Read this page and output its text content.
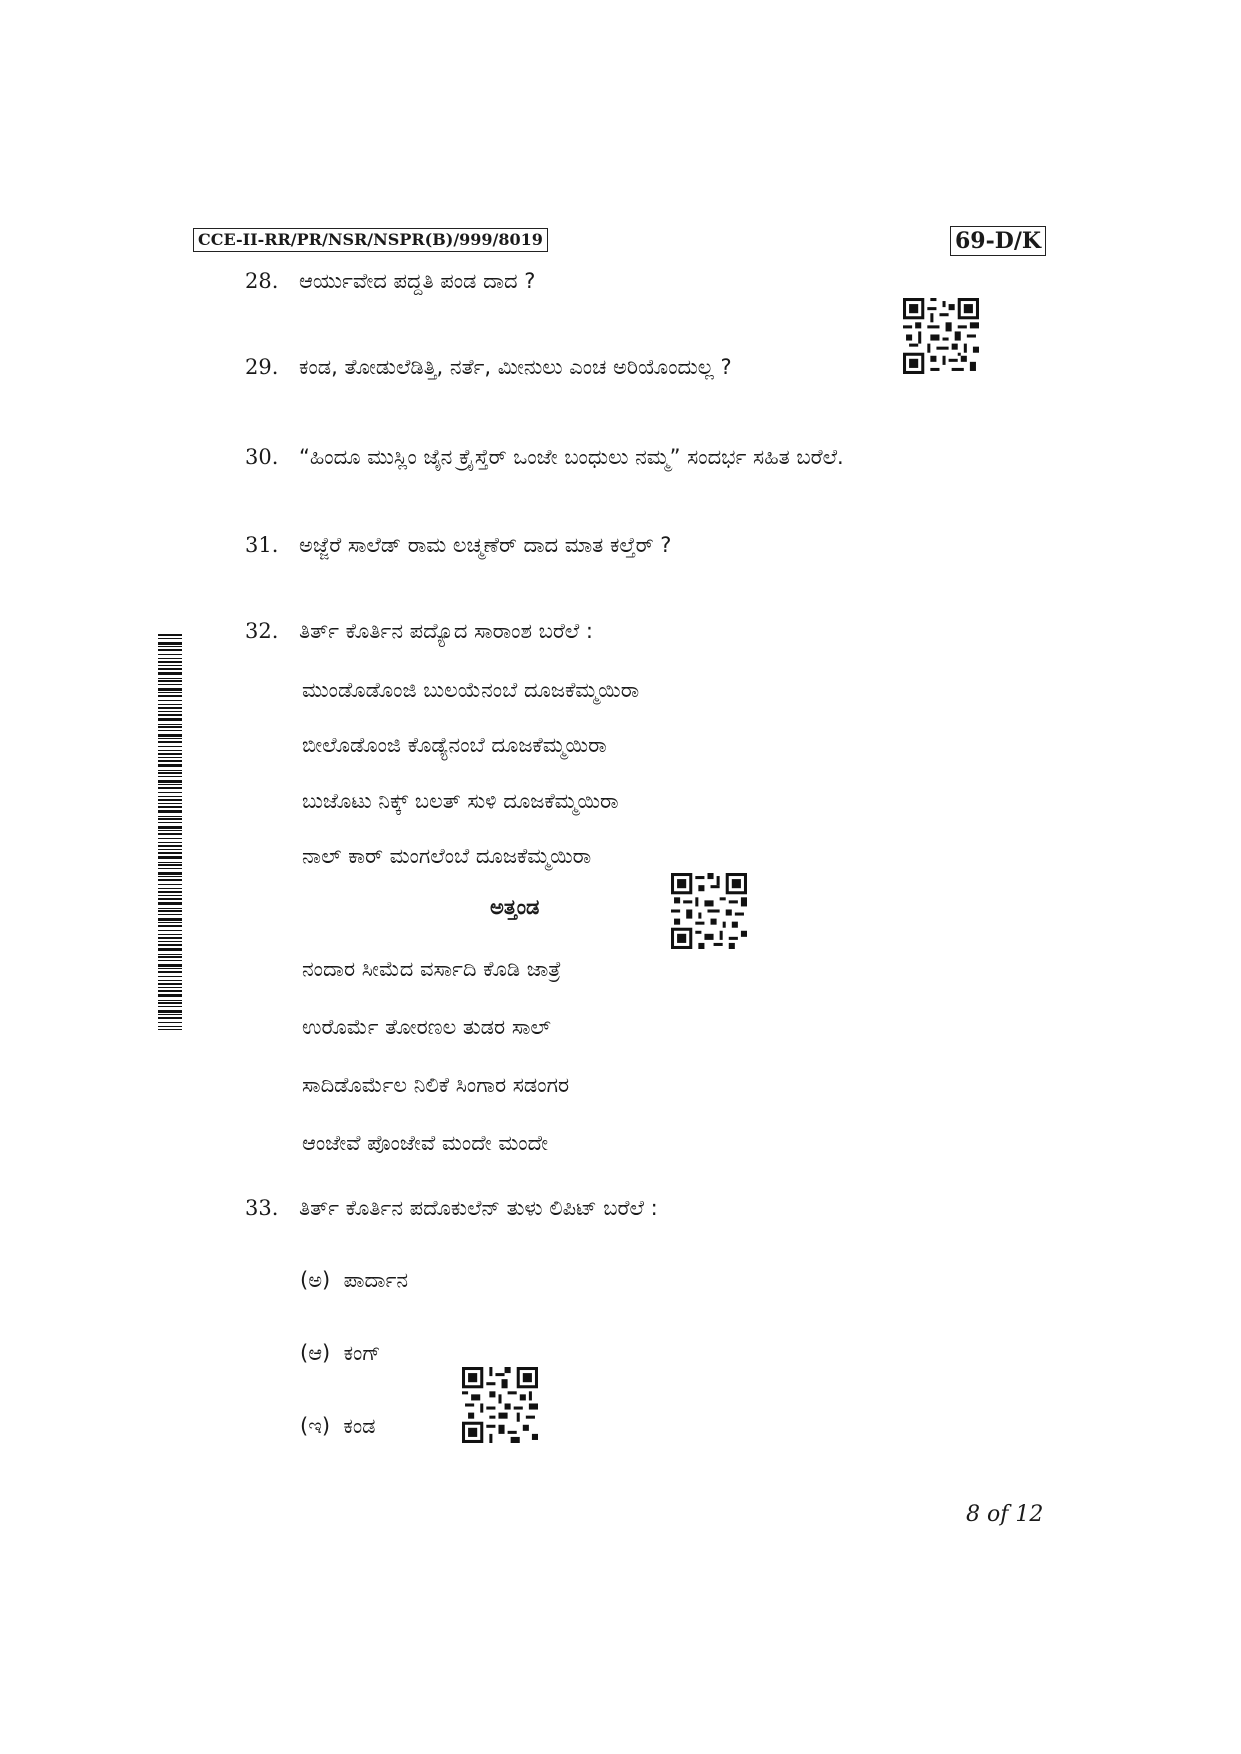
CCE-II-RR/PR/NSR/NSPR(B)/999/8019	69-D/K
28. ಆರ್ಯುವೇದ ಪದ್ದತಿ ಪಂಡ ದಾದ ?
29. ಕಂಡ, ತೋಡುಲೆಡಿತ್ತಿ, ನರ್ತೆ, ಮೀನುಲು ಎಂಚ ಅರಿಯೊಂದುಲ್ಲ ?
30. “ಹಿಂದೂ ಮುಸ್ಲಿಂ ಜೈನ ಕ್ರೈಸ್ತೆರ್ ಒಂಜೇ ಬಂಧುಲು ನಮ್ಮ” ಸಂದರ್ಭ ಸಹಿತ ಬರೆಲೆ.
31. ಅಜ್ಜೆರೆ ಸಾಲೆಡ್ ರಾಮ ಲಚ್ಮಣೆರ್ ದಾದ ಮಾತ ಕಲ್ತೆರ್ ?
32. ತಿರ್ತ್ ಕೊರ್ತಿನ ಪದ್ಯೊದ ಸಾರಾಂಶ ಬರೆಲೆ :
ಮುಂಡೊಡೊಂಜಿ ಬುಲಯೆನಂಬೆ ದೂಜಕೆಮ್ಮಯಿರಾ
ಬೀಲೊಡೊಂಜಿ ಕೊಡ್ಯೆನಂಬೆ ದೂಜಕೆಮ್ಮಯಿರಾ
ಬುಜೊಟು ನಿಕ್ಕ್ ಬಲತ್ ಸುಳಿ ದೂಜಕೆಮ್ಮಯಿರಾ
ನಾಲ್ ಕಾರ್ ಮಂಗಲೆಂಬೆ ದೂಜಕೆಮ್ಮಯಿರಾ
ಅತ್ತಂಡ
ನಂದಾರ ಸೀಮೆದ ವರ್ಸಾದಿ ಕೊಡಿ ಜಾತ್ರೆ
ಉರೊರ್ಮೆ ತೋರಣಲ ತುಡರ ಸಾಲ್
ಸಾದಿಡೊರ್ಮೆಲ ನಿಲಿಕೆ ಸಿಂಗಾರ ಸಡಂಗರ
ಆಂಜೇವೆ ಪೊಂಜೇವೆ ಮಂದೇ ಮಂದೇ
33. ತಿರ್ತ್ ಕೊರ್ತಿನ ಪದೊಕುಲೆನ್ ತುಳು ಲಿಪಿಟ್ ಬರೆಲೆ :
(ಅ) ಪಾರ್ದಾನ
(ಆ) ಕಂಗ್
(ಇ) ಕಂಡ
8 of 12
